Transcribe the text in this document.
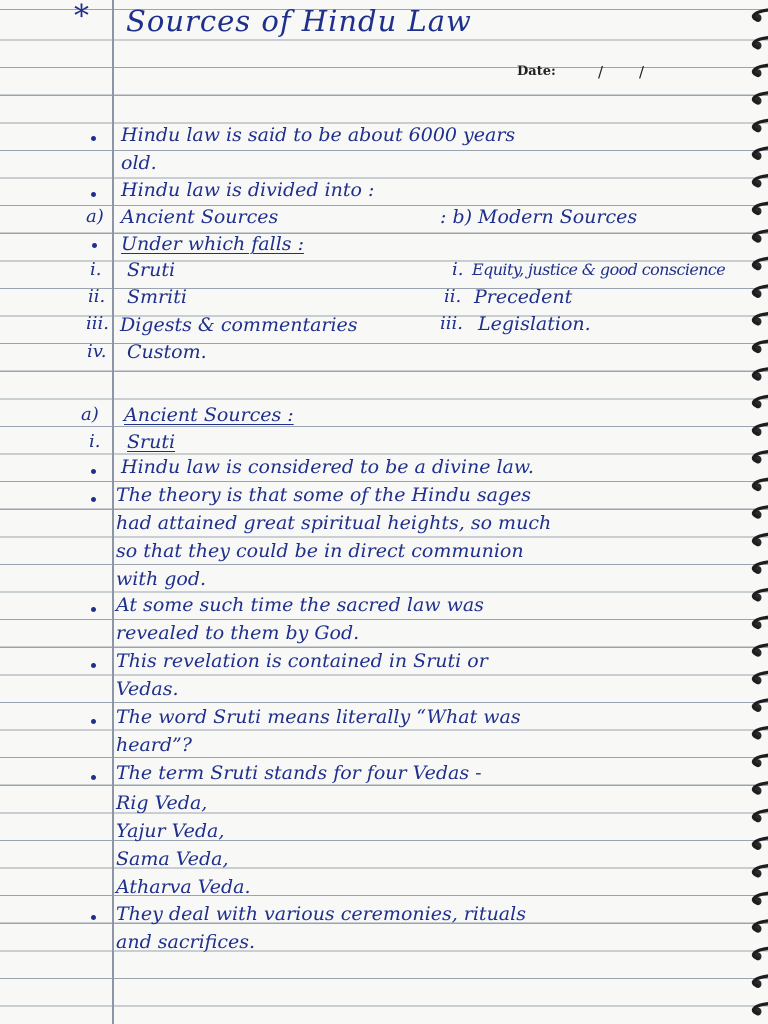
* Sources of Hindu Law
Date:	/ /
Hindu law is said to be about 6000 years
old.
Hindu law is divided into :
a) Ancient Sources	: b) Modern Sources
Under which falls :
i. Sruti
ii. Smriti
iii. Digests & commentaries
iv. Custom.
i. Equity, justice & good conscience
ii. Precedent
iii. Legislation.
a) Ancient Sources :
i. Sruti
Hindu law is considered to be a divine law.
The theory is that some of the Hindu sages
had attained great spiritual heights, so much
so that they could be in direct communion
with god.
At some such time the sacred law was
revealed to them by God.
This revelation is contained in Sruti or
Vedas.
The word Sruti means literally “What was
heard”?
The term Sruti stands for four Vedas -
Rig Veda,
Yajur Veda,
Sama Veda,
Atharva Veda.
They deal with various ceremonies, rituals
and sacrifices.
